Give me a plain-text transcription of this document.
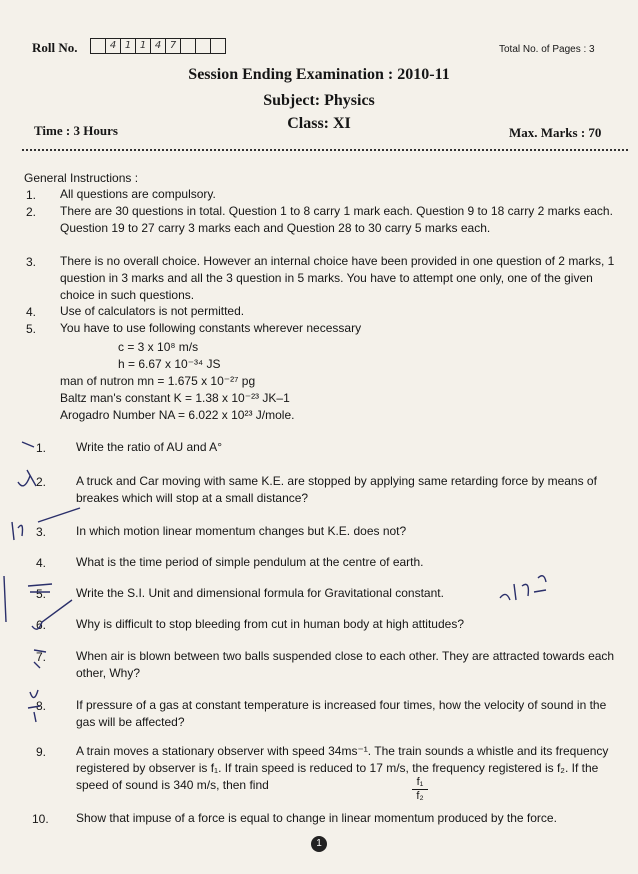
Roll No.	4 1 1 4 7	Total No. of Pages : 3
Session Ending Examination : 2010-11
Subject: Physics
Class: XI
Time : 3 Hours	Max. Marks : 70
General Instructions :
1. All questions are compulsory.
2. There are 30 questions in total. Question 1 to 8 carry 1 mark each. Question 9 to 18 carry 2 marks each. Question 19 to 27 carry 3 marks each and Question 28 to 30 carry 5 marks each.
3. There is no overall choice. However an internal choice have been provided in one question of 2 marks, 1 question in 3 marks and all the 3 question in 5 marks. You have to attempt one only, one of the given choice in such questions.
4. Use of calculators is not permitted.
5. You have to use following constants wherever necessary
c = 3 x 10⁸ m/s
h = 6.67 x 10⁻³⁴ JS
man of nutron mn = 1.675 x 10⁻²⁷ pg
Baltz man's constant K = 1.38 x 10⁻²³ JK–1
Arogadro Number NA = 6.022 x 10²³ J/mole.
1. Write the ratio of AU and A°
2. A truck and Car moving with same K.E. are stopped by applying same retarding force by means of breakes which will stop at a small distance?
3. In which motion linear momentum changes but K.E. does not?
4. What is the time period of simple pendulum at the centre of earth.
5. Write the S.I. Unit and dimensional formula for Gravitational constant.
6. Why is difficult to stop bleeding from cut in human body at high attitudes?
7. When air is blown between two balls suspended close to each other. They are attracted towards each other, Why?
8. If pressure of a gas at constant temperature is increased four times, how the velocity of sound in the gas will be affected?
9. A train moves a stationary observer with speed 34ms⁻¹. The train sounds a whistle and its frequency registered by observer is f₁. If train speed is reduced to 17 m/s, the frequency registered is f₂. If the speed of sound is 340 m/s, then find	$\frac{\text{f₁}}{\text{f₂}}$
10. Show that impuse of a force is equal to change in linear momentum produced by the force.
1
